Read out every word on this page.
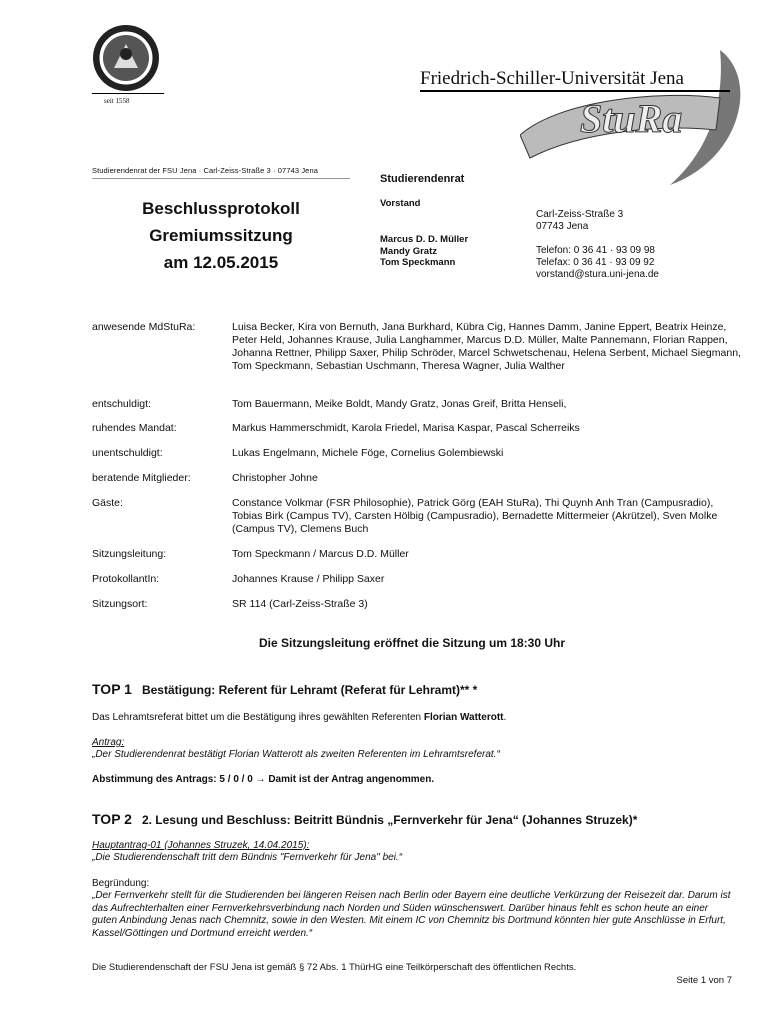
seit 1558	StuRa
Friedrich-Schiller-Universität Jena
Studierendenrat der FSU Jena · Carl-Zeiss-Straße 3 · 07743 Jena
Beschlussprotokoll
Gremiumssitzung
am 12.05.2015
Studierendenrat
Vorstand
Marcus D. D. Müller
Mandy Gratz
Tom Speckmann
Carl-Zeiss-Straße 3
07743 Jena
Telefon: 0 36 41 · 93 09 98
Telefax: 0 36 41 · 93 09 92
vorstand@stura.uni-jena.de
anwesende MdStuRa:	Luisa Becker, Kira von Bernuth, Jana Burkhard, Kübra Cig, Hannes Damm, Janine Eppert, Beatrix Heinze, Peter Held, Johannes Krause, Julia Langhammer, Marcus D.D. Müller, Malte Pannemann, Florian Rappen, Johanna Rettner, Philipp Saxer, Philip Schröder, Marcel Schwetschenau, Helena Serbent, Michael Siegmann, Tom Speckmann, Sebastian Uschmann, Theresa Wagner, Julia Walther
entschuldigt:	Tom Bauermann, Meike Boldt, Mandy Gratz, Jonas Greif, Britta Henseli,
ruhendes Mandat:	Markus Hammerschmidt, Karola Friedel, Marisa Kaspar, Pascal Scherreiks
unentschuldigt:	Lukas Engelmann, Michele Föge, Cornelius Golembiewski
beratende Mitglieder:	Christopher Johne
Gäste:	Constance Volkmar (FSR Philosophie), Patrick Görg (EAH StuRa), Thi Quynh Anh Tran (Campusradio), Tobias Birk (Campus TV), Carsten Hölbig (Campusradio), Bernadette Mittermeier (Akrützel), Sven Molke (Campus TV), Clemens Buch
Sitzungsleitung:	Tom Speckmann / Marcus D.D. Müller
ProtokollantIn:	Johannes Krause / Philipp Saxer
Sitzungsort:	SR 114 (Carl-Zeiss-Straße 3)
Die Sitzungsleitung eröffnet die Sitzung um 18:30 Uhr
TOP 1 Bestätigung: Referent für Lehramt (Referat für Lehramt)** *
Das Lehramtsreferat bittet um die Bestätigung ihres gewählten Referenten Florian Watterott.
Antrag:
„Der Studierendenrat bestätigt Florian Watterott als zweiten Referenten im Lehramtsreferat.“
Abstimmung des Antrags: 5 / 0 / 0 → Damit ist der Antrag angenommen.
TOP 2 2. Lesung und Beschluss: Beitritt Bündnis „Fernverkehr für Jena“ (Johannes Struzek)*
Hauptantrag-01 (Johannes Struzek, 14.04.2015):
„Die Studierendenschaft tritt dem Bündnis "Fernverkehr für Jena" bei.“
Begründung:
„Der Fernverkehr stellt für die Studierenden bei längeren Reisen nach Berlin oder Bayern eine deutliche Verkürzung der Reisezeit dar. Darum ist das Aufrechterhalten einer Fernverkehrsverbindung nach Norden und Süden wünschenswert. Darüber hinaus fehlt es schon heute an einer guten Anbindung Jenas nach Chemnitz, sowie in den Westen. Mit einem IC von Chemnitz bis Dortmund könnten hier gute Anschlüsse in Erfurt, Kassel/Göttingen und Dortmund erreicht werden.“
Die Studierendenschaft der FSU Jena ist gemäß § 72 Abs. 1 ThürHG eine Teilkörperschaft des öffentlichen Rechts.
Seite 1 von 7
